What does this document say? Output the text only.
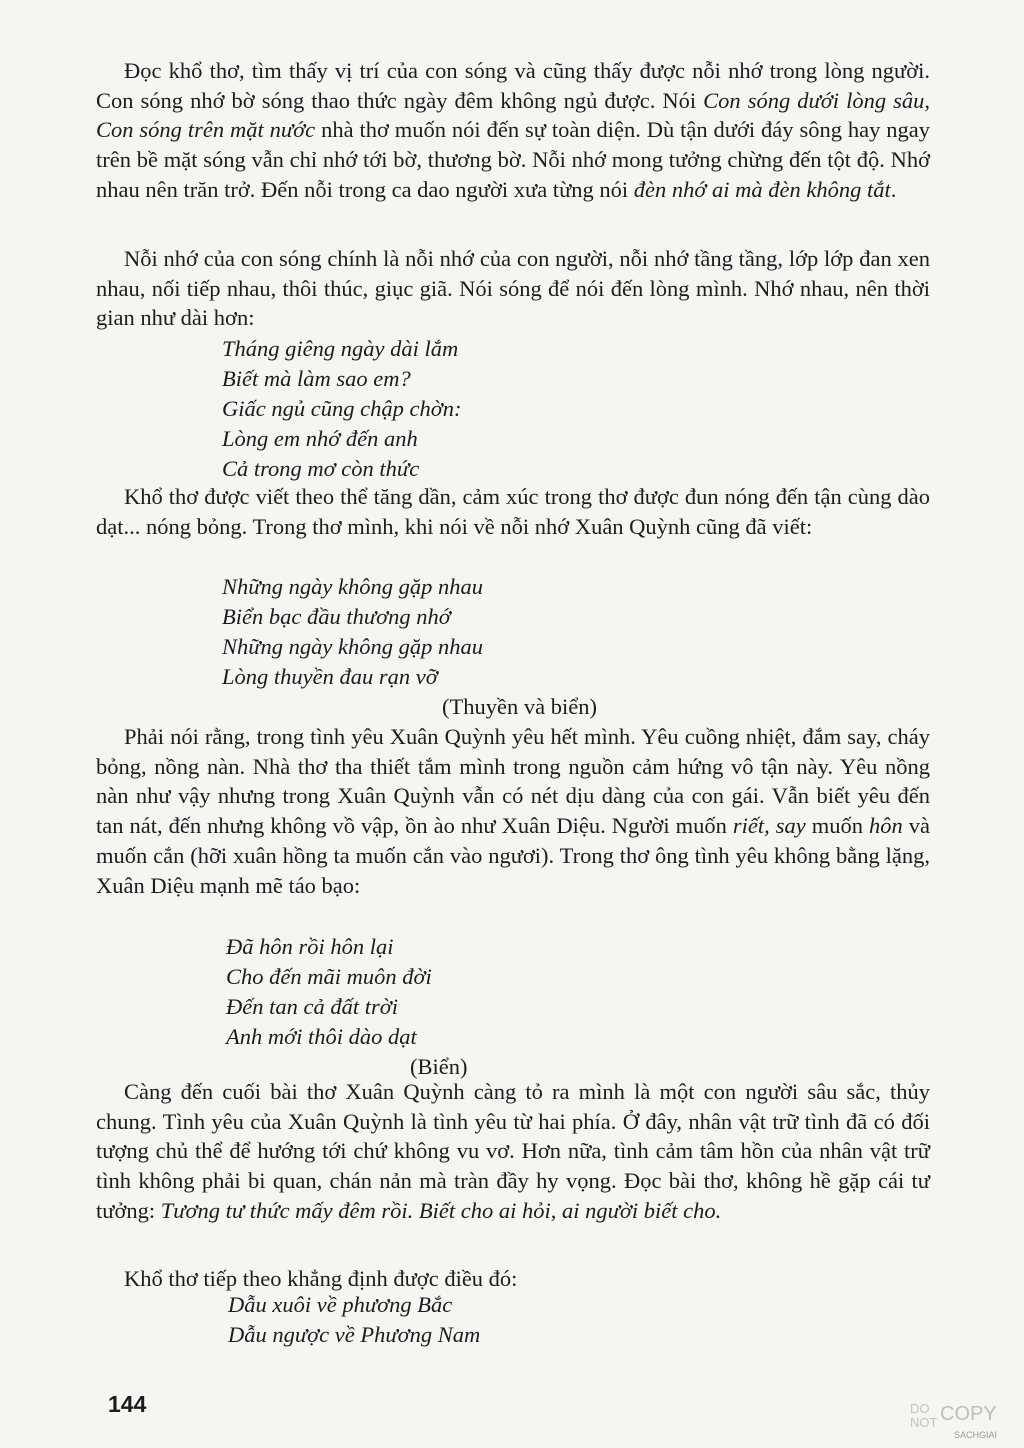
Đọc khổ thơ, tìm thấy vị trí của con sóng và cũng thấy được nỗi nhớ trong lòng người. Con sóng nhớ bờ sóng thao thức ngày đêm không ngủ được. Nói Con sóng dưới lòng sâu, Con sóng trên mặt nước nhà thơ muốn nói đến sự toàn diện. Dù tận dưới đáy sông hay ngay trên bề mặt sóng vẫn chỉ nhớ tới bờ, thương bờ. Nỗi nhớ mong tưởng chừng đến tột độ. Nhớ nhau nên trăn trở. Đến nỗi trong ca dao người xưa từng nói đèn nhớ ai mà đèn không tắt.

Nỗi nhớ của con sóng chính là nỗi nhớ của con người, nỗi nhớ tầng tầng, lớp lớp đan xen nhau, nối tiếp nhau, thôi thúc, giục giã. Nói sóng để nói đến lòng mình. Nhớ nhau, nên thời gian như dài hơn:

Tháng giêng ngày dài lắm
Biết mà làm sao em?
Giấc ngủ cũng chập chờn:
Lòng em nhớ đến anh
Cả trong mơ còn thức

Khổ thơ được viết theo thể tăng dần, cảm xúc trong thơ được đun nóng đến tận cùng dào dạt... nóng bỏng. Trong thơ mình, khi nói về nỗi nhớ Xuân Quỳnh cũng đã viết:

Những ngày không gặp nhau
Biển bạc đầu thương nhớ
Những ngày không gặp nhau
Lòng thuyền đau rạn vỡ
(Thuyền và biển)

Phải nói rằng, trong tình yêu Xuân Quỳnh yêu hết mình. Yêu cuồng nhiệt, đắm say, cháy bỏng, nồng nàn. Nhà thơ tha thiết tắm mình trong nguồn cảm hứng vô tận này. Yêu nồng nàn như vậy nhưng trong Xuân Quỳnh vẫn có nét dịu dàng của con gái. Vẫn biết yêu đến tan nát, đến nhưng không vồ vập, ồn ào như Xuân Diệu. Người muốn riết, say muốn hôn và muốn cắn (hỡi xuân hồng ta muốn cắn vào ngươi). Trong thơ ông tình yêu không bằng lặng, Xuân Diệu mạnh mẽ táo bạo:

Đã hôn rồi hôn lại
Cho đến mãi muôn đời
Đến tan cả đất trời
Anh mới thôi dào dạt
(Biển)

Càng đến cuối bài thơ Xuân Quỳnh càng tỏ ra mình là một con người sâu sắc, thủy chung. Tình yêu của Xuân Quỳnh là tình yêu từ hai phía. Ở đây, nhân vật trữ tình đã có đối tượng chủ thể để hướng tới chứ không vu vơ. Hơn nữa, tình cảm tâm hồn của nhân vật trữ tình không phải bi quan, chán nản mà tràn đầy hy vọng. Đọc bài thơ, không hề gặp cái tư tưởng: Tương tư thức mấy đêm rồi. Biết cho ai hỏi, ai người biết cho.

Khổ thơ tiếp theo khẳng định được điều đó:

Dẫu xuôi về phương Bắc
Dẫu ngược về Phương Nam
144	DO
NOT COPY
SACHGIAI
